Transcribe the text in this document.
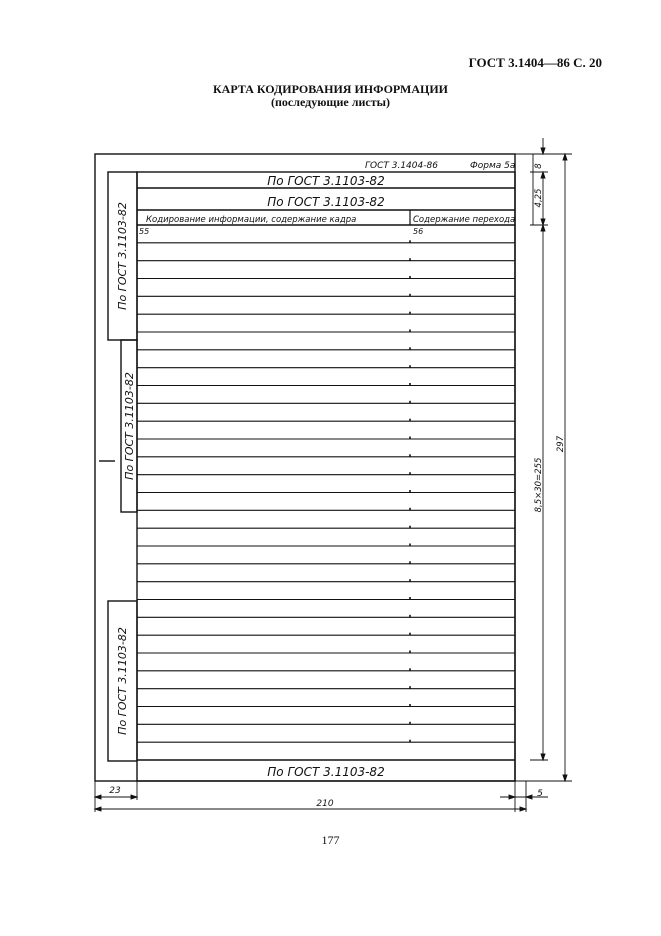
ГОСТ 3.1404—86 С. 20
КАРТА КОДИРОВАНИЯ ИНФОРМАЦИИ
(последующие листы)
ГОСТ 3.1404-86	Форма 5а
По ГОСТ 3.1103-82
По ГОСТ 3.1103-82
Кодирование информации, содержание кадра	Содержание перехода
55	56
По ГОСТ 3.1103-82
По ГОСТ 3.1103-82
По ГОСТ 3.1103-82
По ГОСТ 3.1103-82
8
4,25
8,5×30=255
297
23
210
5
177
